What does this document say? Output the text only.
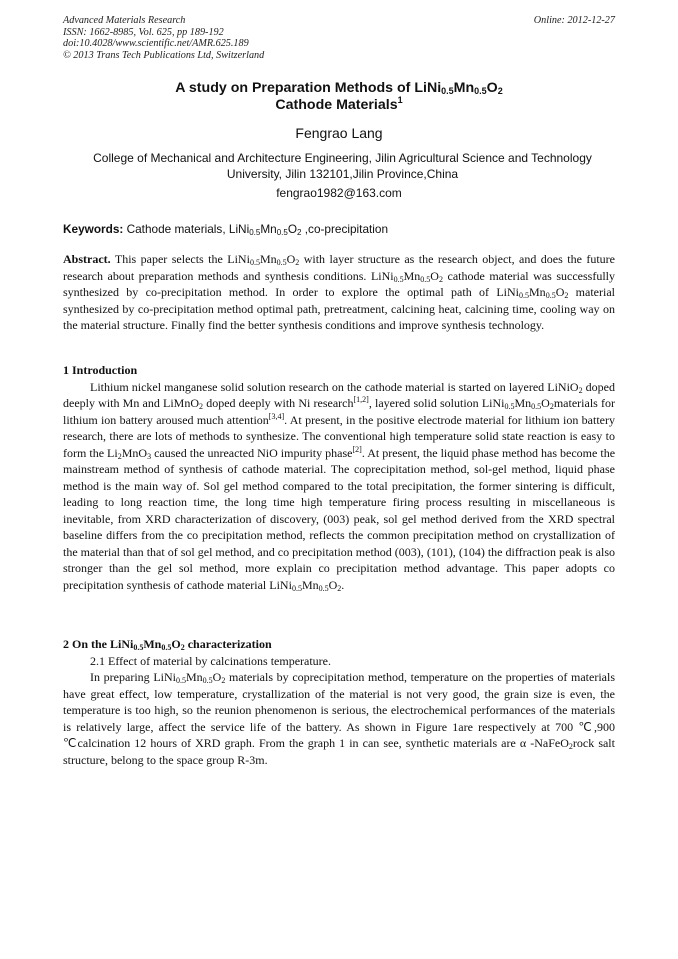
Advanced Materials Research
ISSN: 1662-8985, Vol. 625, pp 189-192
doi:10.4028/www.scientific.net/AMR.625.189
© 2013 Trans Tech Publications Ltd, Switzerland
Online: 2012-12-27
A study on Preparation Methods of $LiNi_{0.5}Mn_{0.5}O_2$
Cathode Materials$^1$
Fengrao Lang
College of Mechanical and Architecture Engineering, Jilin Agricultural Science and Technology University, Jilin 132101,Jilin Province,China
fengrao1982@163.com
Keywords: Cathode materials, $LiNi_{0.5}Mn_{0.5}O_2$ ,co-precipitation

Abstract. This paper selects the $LiNi_{0.5}Mn_{0.5}O_2$ with layer structure as the research object, and does the future research about preparation methods and synthesis conditions. $LiNi_{0.5}Mn_{0.5}O_2$ cathode material was successfully synthesized by co-precipitation method. In order to explore the optimal path of $LiNi_{0.5}Mn_{0.5}O_2$ material synthesized by co-precipitation method optimal path, pretreatment, calcining heat, calcining time, cooling way on the material structure. Finally find the better synthesis conditions and improve synthesis technology.

1 Introduction

Lithium nickel manganese solid solution research on the cathode material is started on layered LiNiO$_2$ doped deeply with Mn and LiMnO$_2$ doped deeply with Ni research[1,2], layered solid solution $LiNi_{0.5}Mn_{0.5}O_2materials$ for lithium ion battery aroused much attention[3,4]. At present, in the positive electrode material for lithium ion battery research, there are lots of methods to synthesize. The conventional high temperature solid state reaction is easy to form the $Li_2MnO_3$ caused the unreacted NiO impurity phase[2]. At present, the liquid phase method has become the mainstream method of synthesis of cathode material. The coprecipitation method, sol-gel method, liquid phase method is the main way of. Sol gel method compared to the total precipitation, the former sintering is difficult, leading to long reaction time, the long time high temperature firing process resulting in miscellaneous is inevitable, from XRD characterization of discovery, (003) peak, sol gel method derived from the XRD spectral baseline differs from the co precipitation method, reflects the common precipitation method on crystallization of the material than that of sol gel method, and co precipitation method (003), (101), (104) the diffraction peak is also stronger than the gel sol method, more explain co precipitation method advantage. This paper adopts co precipitation synthesis of cathode material $LiNi_{0.5}Mn_{0.5}O_2$.

2 On the $LiNi_{0.5}Mn_{0.5}O_2$ characterization

2.1 Effect of material by calcinations temperature.

In preparing $LiNi_{0.5}Mn_{0.5}O_2$ materials by coprecipitation method, temperature on the properties of materials have great effect, low temperature, crystallization of the material is not very good, the grain size is even, the temperature is too high, so the reunion phenomenon is serious, the electrochemical performances of the materials is relatively large, affect the service life of the battery. As shown in Figure 1are respectively at 700 ℃,900 ℃calcination 12 hours of XRD graph. From the graph 1 in can see, synthetic materials are α -NaFeO$_2$rock salt structure, belong to the space group R-3m.
